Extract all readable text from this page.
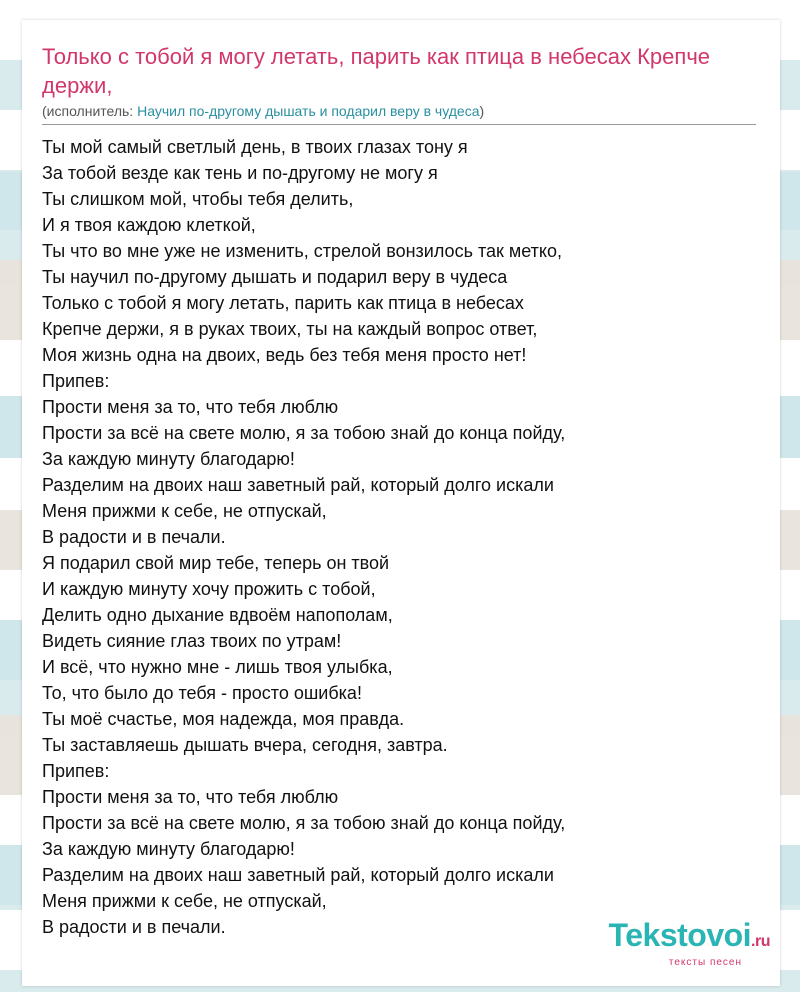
Только с тобой я могу летать, парить как птица в небесах Крепче держи,
(исполнитель: Научил по-другому дышать и подарил веру в чудеса)
Ты мой самый светлый день, в твоих глазах тону я
За тобой везде как тень и по-другому не могу я
Ты слишком мой, чтобы тебя делить,
И я твоя каждою клеткой,
Ты что во мне уже не изменить, стрелой вонзилось так метко,
Ты научил по-другому дышать и подарил веру в чудеса
Только с тобой я могу летать, парить как птица в небесах
Крепче держи, я в руках твоих, ты на каждый вопрос ответ,
Моя жизнь одна на двоих, ведь без тебя меня просто нет!
Припев:
Прости меня за то, что тебя люблю
Прости за всё на свете молю, я за тобою знай до конца пойду,
За каждую минуту благодарю!
Разделим на двоих наш заветный рай, который долго искали
Меня прижми к себе, не отпускай,
В радости и в печали.
Я подарил свой мир тебе, теперь он твой
И каждую минуту хочу прожить с тобой,
Делить одно дыхание вдвоём напополам,
Видеть сияние глаз твоих по утрам!
И всё, что нужно мне - лишь твоя улыбка,
То, что было до тебя - просто ошибка!
Ты моё счастье, моя надежда, моя правда.
Ты заставляешь дышать вчера, сегодня, завтра.
Припев:
Прости меня за то, что тебя люблю
Прости за всё на свете молю, я за тобою знай до конца пойду,
За каждую минуту благодарю!
Разделим на двоих наш заветный рай, который долго искали
Меня прижми к себе, не отпускай,
В радости и в печали.	Tekstovoi.ru
тексты песен
